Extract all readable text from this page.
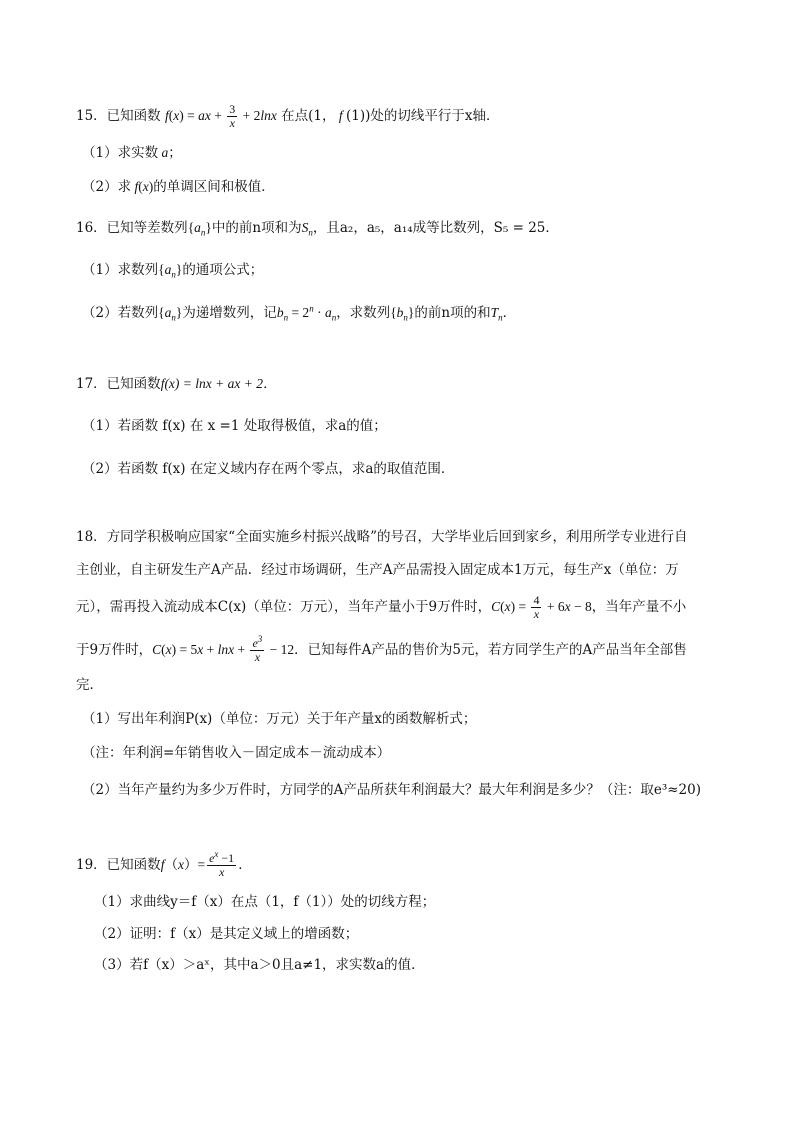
15．已知函数 f(x) = ax + $\frac{3}{x} + 2\ln x$ 在点(1， f (1))处的切线平行于x轴．
（1）求实数 a；
（2）求 f(x)的单调区间和极值．
16．已知等差数列$\{a_n\}$中的前n项和为$S_n$，且a₂，a₅，a₁₄成等比数列，S₅ = 25．
（1）求数列$\{a_n\}$的通项公式；
（2）若数列$\{a_n\}$为递增数列，记$b_n = 2^n \cdot a_n$，求数列$\{b_n\}$的前n项的和$T_n$．
17．已知函数f(x) = lnx + ax + 2．
（1）若函数 f(x) 在 x =1 处取得极值，求a的值；
（2）若函数 f(x) 在定义域内存在两个零点，求a的取值范围．
18．方同学积极响应国家“全面实施乡村振兴战略”的号召，大学毕业后回到家乡，利用所学专业进行自
主创业，自主研发生产A产品．经过市场调研，生产A产品需投入固定成本1万元，每生产x（单位：万
元），需再投入流动成本C(x)（单位：万元），当年产量小于9万件时，$C(x) = \frac{4}{x} + 6x - 8$，当年产量不小
于9万件时，$C(x) = 5x + \ln x + \frac{e^3}{x} - 12$．已知每件A产品的售价为5元，若方同学生产的A产品当年全部售
完．
（1）写出年利润P(x)（单位：万元）关于年产量x的函数解析式；
（注：年利润=年销售收入－固定成本－流动成本）
（2）当年产量约为多少万件时，方同学的A产品所获年利润最大？最大年利润是多少？（注：取e³≈20)
19．已知函数$f(x)= \frac{e^x -1}{x}$ ．
（1）求曲线y＝f（x）在点（1，f（1））处的切线方程；
（2）证明：f（x）是其定义域上的增函数；
（3）若f（x）＞aˣ，其中a＞0且a≠1，求实数a的值．
